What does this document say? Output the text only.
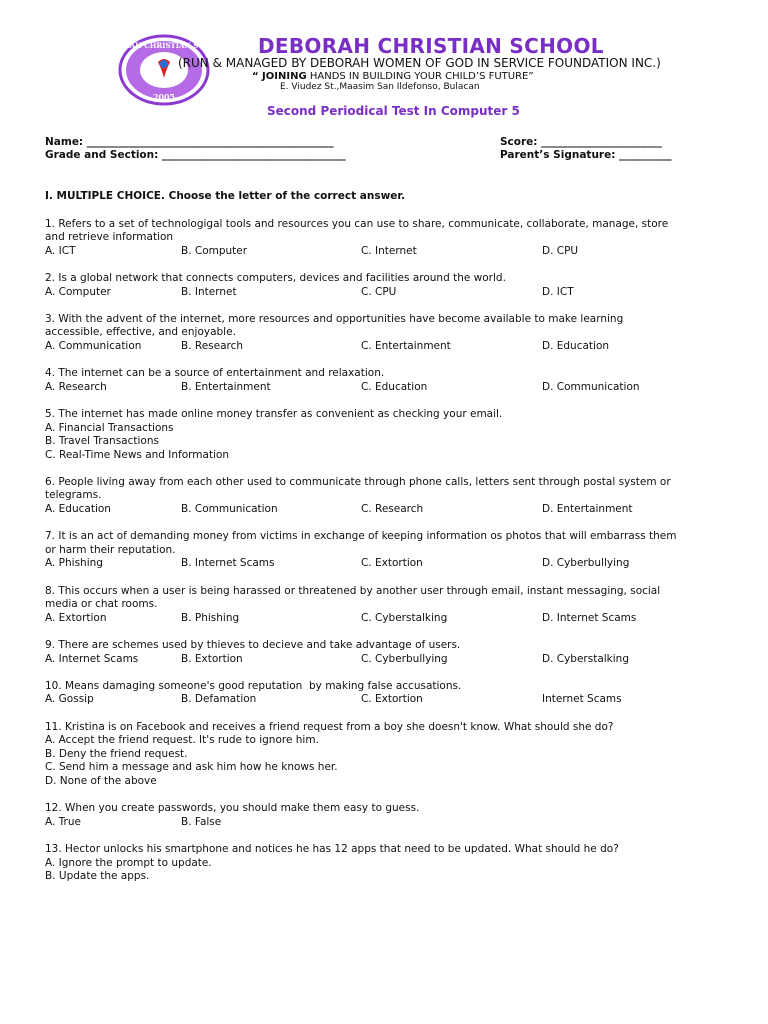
DEBORAH CHRISTIAN SCHOOL
2005
DEBORAH CHRISTIAN SCHOOL
(RUN & MANAGED BY DEBORAH WOMEN OF GOD IN SERVICE FOUNDATION INC.)
“ JOINING HANDS IN BUILDING YOUR CHILD’S FUTURE”
E. Viudez St.,Maasim San Ildefonso, Bulacan
Second Periodical Test In Computer 5
Name: _______________________________________________	Score: _______________________
Grade and Section: ___________________________________	Parent’s Signature: __________
I. MULTIPLE CHOICE. Choose the letter of the correct answer.
1. Refers to a set of technologigal tools and resources you can use to share, communicate, collaborate, manage, store
and retrieve information
A. ICT	B. Computer	C. Internet	D. CPU
2. Is a global network that connects computers, devices and facilities around the world.
A. Computer	B. Internet	C. CPU	D. ICT
3. With the advent of the internet, more resources and opportunities have become available to make learning
accessible, effective, and enjoyable.
A. Communication	B. Research	C. Entertainment	D. Education
4. The internet can be a source of entertainment and relaxation.
A. Research	B. Entertainment	C. Education	D. Communication
5. The internet has made online money transfer as convenient as checking your email.
A. Financial Transactions
B. Travel Transactions
C. Real-Time News and Information
6. People living away from each other used to communicate through phone calls, letters sent through postal system or
telegrams.
A. Education	B. Communication	C. Research	D. Entertainment
7. It is an act of demanding money from victims in exchange of keeping information os photos that will embarrass them
or harm their reputation.
A. Phishing	B. Internet Scams	C. Extortion	D. Cyberbullying
8. This occurs when a user is being harassed or threatened by another user through email, instant messaging, social
media or chat rooms.
A. Extortion	B. Phishing	C. Cyberstalking	D. Internet Scams
9. There are schemes used by thieves to decieve and take advantage of users.
A. Internet Scams	B. Extortion	C. Cyberbullying	D. Cyberstalking
10. Means damaging someone's good reputation  by making false accusations.
A. Gossip	B. Defamation	C. Extortion	Internet Scams
11. Kristina is on Facebook and receives a friend request from a boy she doesn't know. What should she do?
A. Accept the friend request. It's rude to ignore him.
B. Deny the friend request.
C. Send him a message and ask him how he knows her.
D. None of the above
12. When you create passwords, you should make them easy to guess.
A. True	B. False
13. Hector unlocks his smartphone and notices he has 12 apps that need to be updated. What should he do?
A. Ignore the prompt to update.
B. Update the apps.
